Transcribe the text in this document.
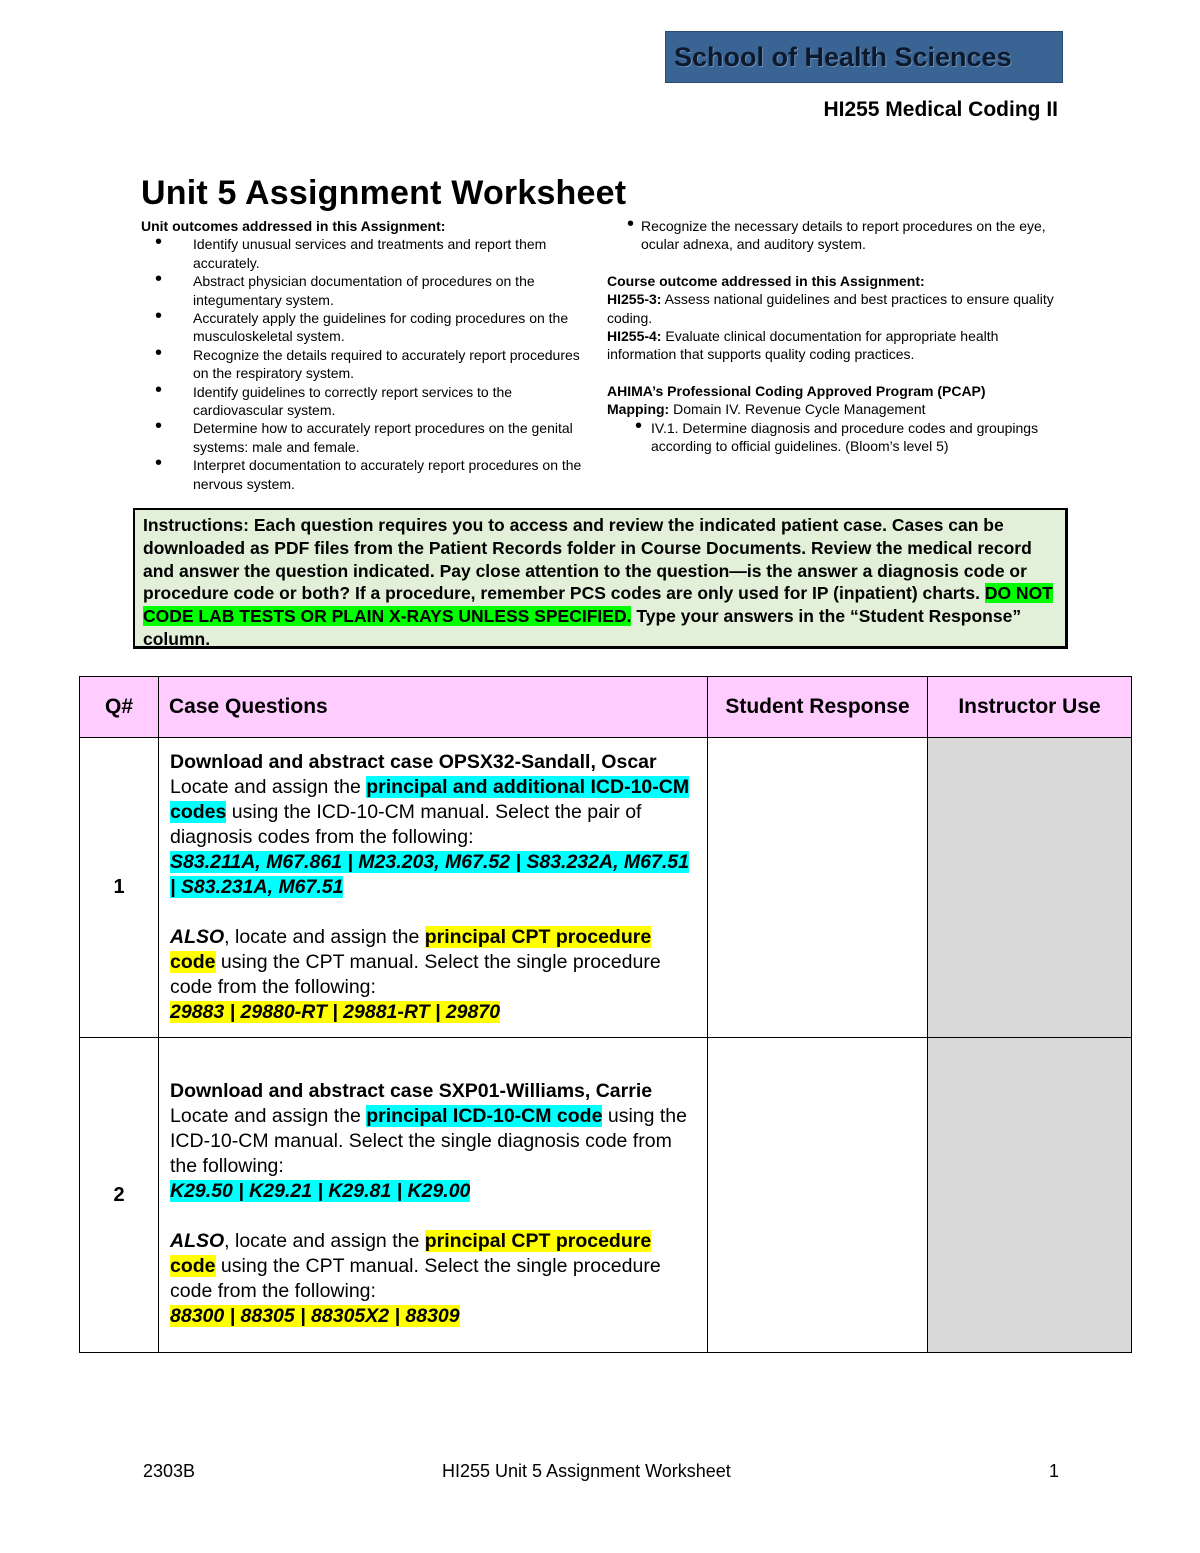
School of Health Sciences
HI255 Medical Coding II
Unit 5 Assignment Worksheet
Unit outcomes addressed in this Assignment:
• Identify unusual services and treatments and report them accurately.
• Abstract physician documentation of procedures on the integumentary system.
• Accurately apply the guidelines for coding procedures on the musculoskeletal system.
• Recognize the details required to accurately report procedures on the respiratory system.
• Identify guidelines to correctly report services to the cardiovascular system.
• Determine how to accurately report procedures on the genital systems: male and female.
• Interpret documentation to accurately report procedures on the nervous system.
• Recognize the necessary details to report procedures on the eye, ocular adnexa, and auditory system.
Course outcome addressed in this Assignment:
HI255-3: Assess national guidelines and best practices to ensure quality coding.
HI255-4: Evaluate clinical documentation for appropriate health information that supports quality coding practices.
AHIMA’s Professional Coding Approved Program (PCAP)
Mapping: Domain IV. Revenue Cycle Management
• IV.1. Determine diagnosis and procedure codes and groupings according to official guidelines. (Bloom’s level 5)
Instructions: Each question requires you to access and review the indicated patient case. Cases can be downloaded as PDF files from the Patient Records folder in Course Documents. Review the medical record and answer the question indicated. Pay close attention to the question—is the answer a diagnosis code or procedure code or both? If a procedure, remember PCS codes are only used for IP (inpatient) charts. DO NOT CODE LAB TESTS OR PLAIN X-RAYS UNLESS SPECIFIED. Type your answers in the “Student Response” column.
Q#	Case Questions	Student Response	Instructor Use
1	Download and abstract case OPSX32-Sandall, Oscar
Locate and assign the principal and additional ICD-10-CM codes using the ICD-10-CM manual. Select the pair of diagnosis codes from the following:
S83.211A, M67.861 | M23.203, M67.52 | S83.232A, M67.51 | S83.231A, M67.51
ALSO, locate and assign the principal CPT procedure code using the CPT manual. Select the single procedure code from the following:
29883 | 29880-RT | 29881-RT | 29870		

2	Download and abstract case SXP01-Williams, Carrie
Locate and assign the principal ICD-10-CM code using the ICD-10-CM manual. Select the single diagnosis code from the following:
K29.50 | K29.21 | K29.81 | K29.00
ALSO, locate and assign the principal CPT procedure code using the CPT manual. Select the single procedure code from the following:
88300 | 88305 | 88305X2 | 88309		

2303B	HI255 Unit 5 Assignment Worksheet	1
